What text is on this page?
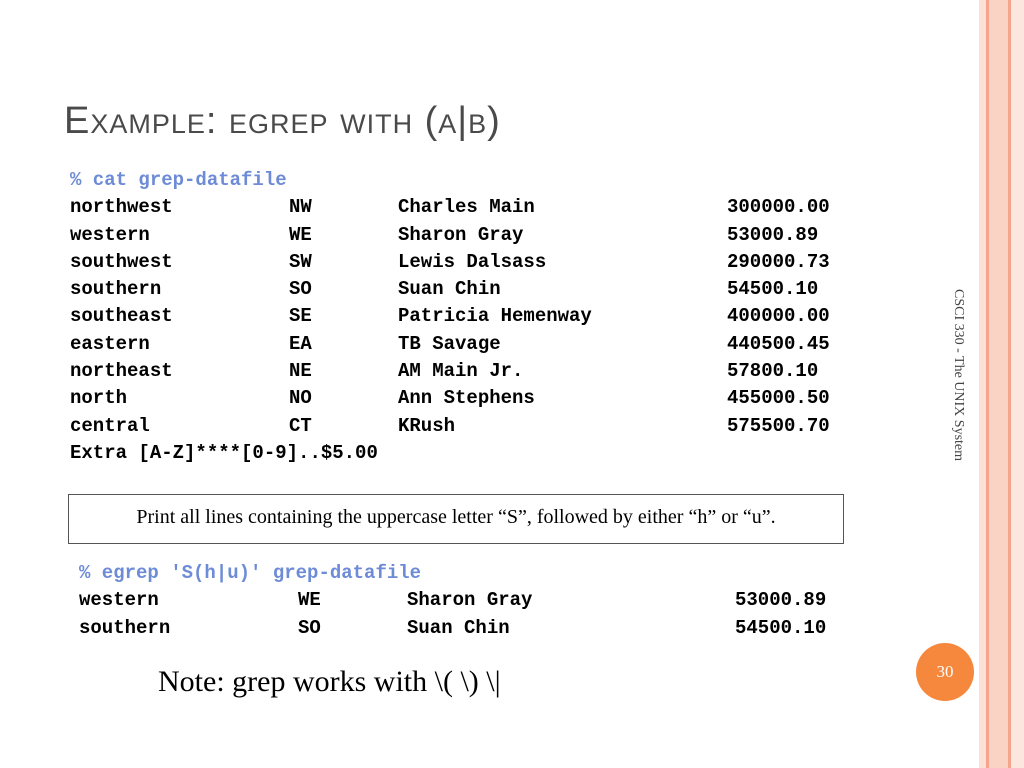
Example: egrep with (a|b)
% cat grep-datafile
northwest	NW	Charles Main	300000.00
western	WE	Sharon Gray	53000.89
southwest	SW	Lewis Dalsass	290000.73
southern	SO	Suan Chin	54500.10
southeast	SE	Patricia Hemenway	400000.00
eastern	EA	TB Savage	440500.45
northeast	NE	AM Main Jr.	57800.10
north	NO	Ann Stephens	455000.50
central	CT	KRush	575500.70
Extra [A-Z]****[0-9]..$5.00
Print all lines containing the uppercase letter “S”, followed by either “h” or “u”.
% egrep 'S(h|u)' grep-datafile
western	WE	Sharon Gray	53000.89
southern	SO	Suan Chin	54500.10
Note: grep works with \( \) \|
CSCI 330 - The UNIX System
30
